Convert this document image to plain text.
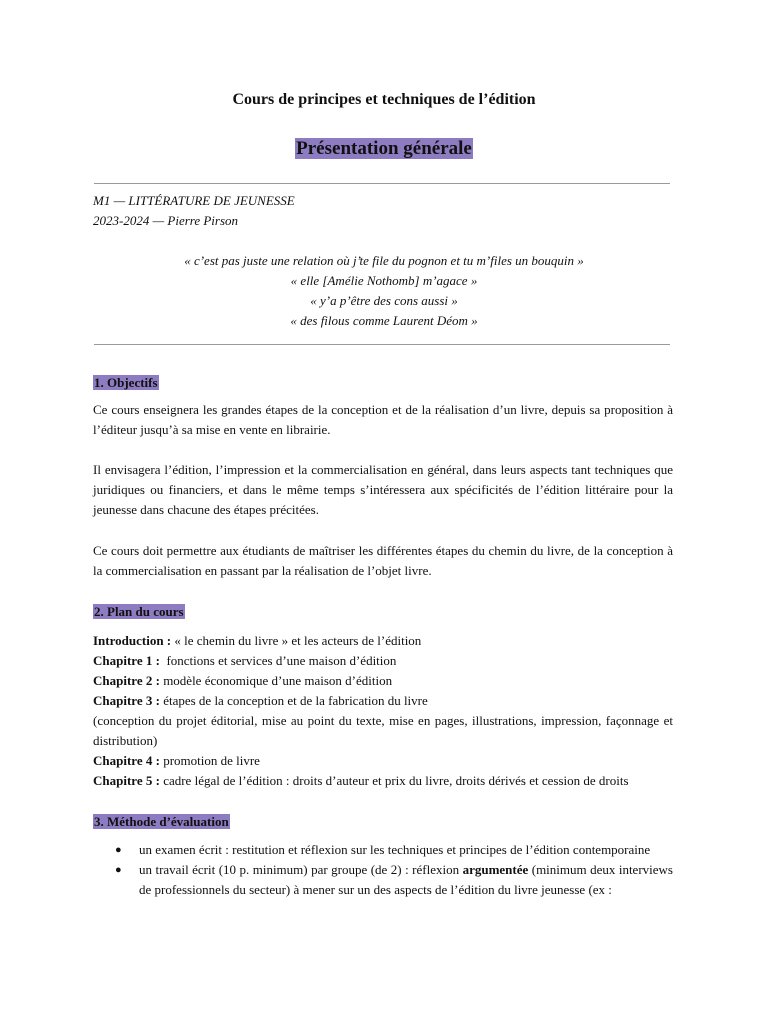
Cours de principes et techniques de l’édition
Présentation générale
M1 — LITTÉRATURE DE JEUNESSE
2023-2024 — Pierre Pirson
« c’est pas juste une relation où j’te file du pognon et tu m’files un bouquin »
« elle [Amélie Nothomb] m’agace »
« y’a p’être des cons aussi »
« des filous comme Laurent Déom »
1. Objectifs
Ce cours enseignera les grandes étapes de la conception et de la réalisation d’un livre, depuis sa proposition à l’éditeur jusqu’à sa mise en vente en librairie.
Il envisagera l’édition, l’impression et la commercialisation en général, dans leurs aspects tant techniques que juridiques ou financiers, et dans le même temps s’intéressera aux spécificités de l’édition littéraire pour la jeunesse dans chacune des étapes précitées.
Ce cours doit permettre aux étudiants de maîtriser les différentes étapes du chemin du livre, de la conception à la commercialisation en passant par la réalisation de l’objet livre.
2. Plan du cours
Introduction : « le chemin du livre » et les acteurs de l’édition
Chapitre 1 :  fonctions et services d’une maison d’édition
Chapitre 2 : modèle économique d’une maison d’édition
Chapitre 3 : étapes de la conception et de la fabrication du livre
(conception du projet éditorial, mise au point du texte, mise en pages, illustrations, impression, façonnage et distribution)
Chapitre 4 : promotion de livre
Chapitre 5 : cadre légal de l’édition : droits d’auteur et prix du livre, droits dérivés et cession de droits
3. Méthode d’évaluation
● un examen écrit : restitution et réflexion sur les techniques et principes de l’édition contemporaine
● un travail écrit (10 p. minimum) par groupe (de 2) : réflexion argumentée (minimum deux interviews de professionnels du secteur) à mener sur un des aspects de l’édition du livre jeunesse (ex :
